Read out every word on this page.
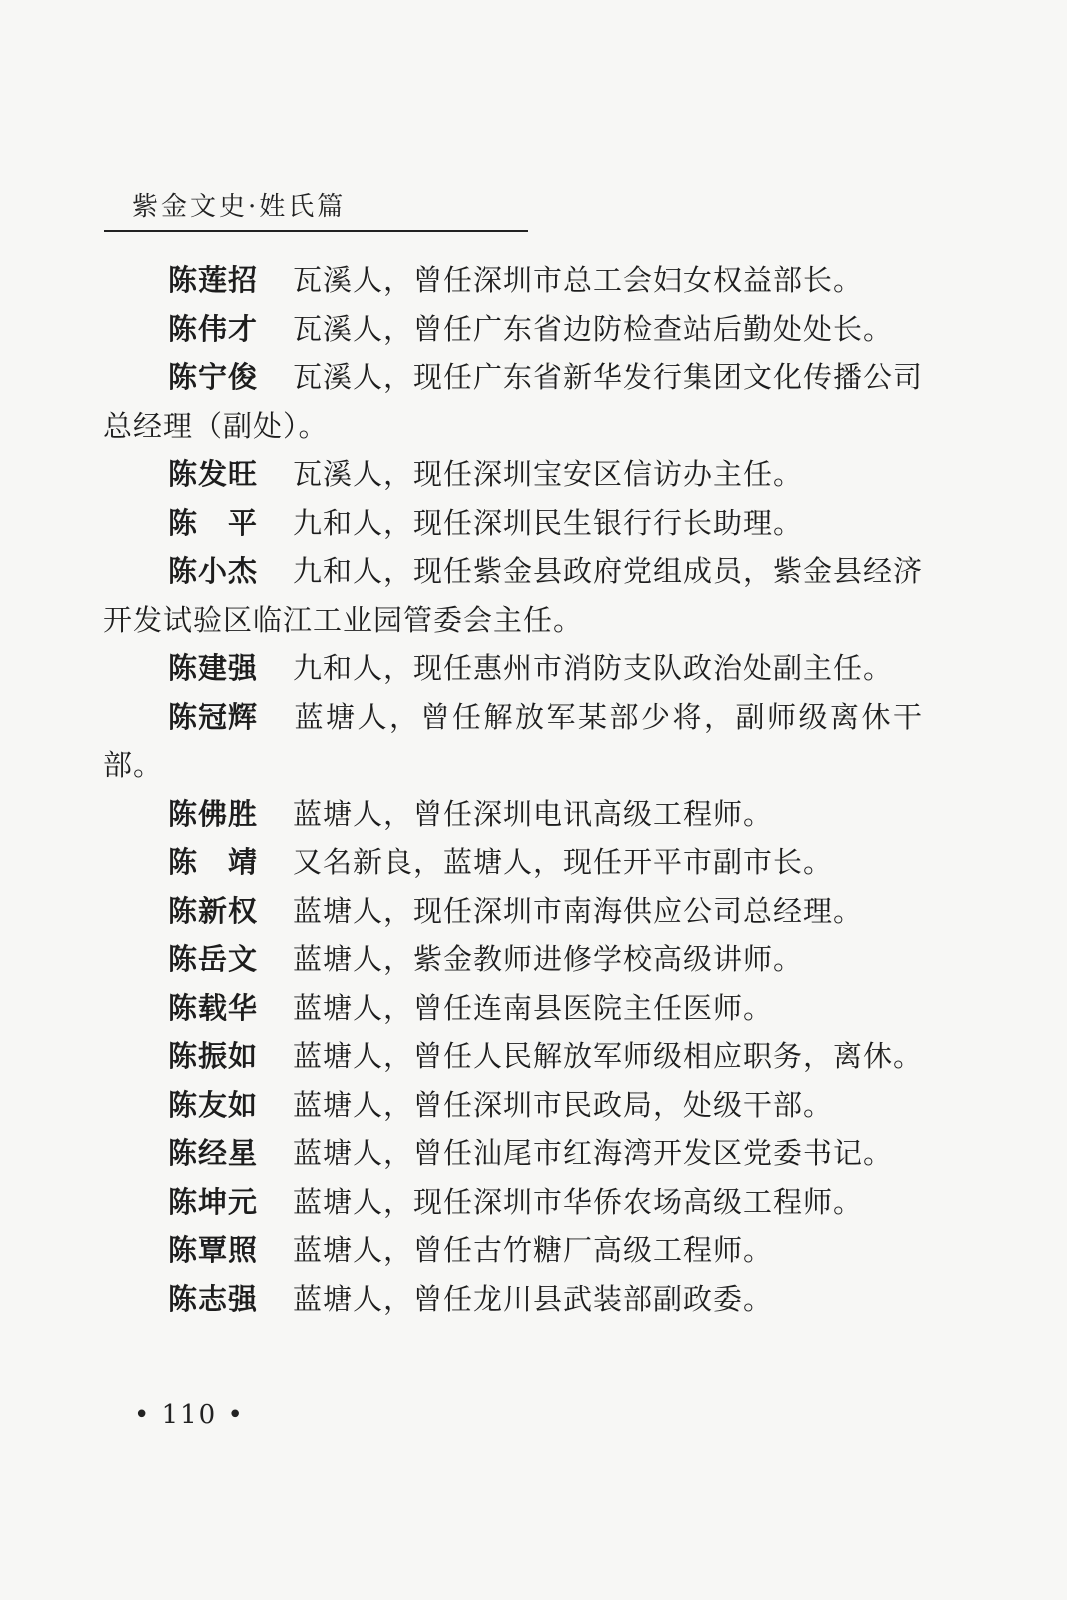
紫金文史·姓氏篇

陈莲招 瓦溪人，曾任深圳市总工会妇女权益部长。

陈伟才 瓦溪人，曾任广东省边防检查站后勤处处长。

陈宁俊 瓦溪人，现任广东省新华发行集团文化传播公司总经理（副处）。

陈发旺 瓦溪人，现任深圳宝安区信访办主任。

陈　平 九和人，现任深圳民生银行行长助理。

陈小杰 九和人，现任紫金县政府党组成员，紫金县经济开发试验区临江工业园管委会主任。

陈建强 九和人，现任惠州市消防支队政治处副主任。

陈冠辉 蓝塘人，曾任解放军某部少将，副师级离休干部。

陈佛胜 蓝塘人，曾任深圳电讯高级工程师。

陈　靖 又名新良，蓝塘人，现任开平市副市长。

陈新权 蓝塘人，现任深圳市南海供应公司总经理。

陈岳文 蓝塘人，紫金教师进修学校高级讲师。

陈载华 蓝塘人，曾任连南县医院主任医师。

陈振如 蓝塘人，曾任人民解放军师级相应职务，离休。

陈友如 蓝塘人，曾任深圳市民政局，处级干部。

陈经星 蓝塘人，曾任汕尾市红海湾开发区党委书记。

陈坤元 蓝塘人，现任深圳市华侨农场高级工程师。

陈覃照 蓝塘人，曾任古竹糖厂高级工程师。

陈志强 蓝塘人，曾任龙川县武装部副政委。

• 110 •
